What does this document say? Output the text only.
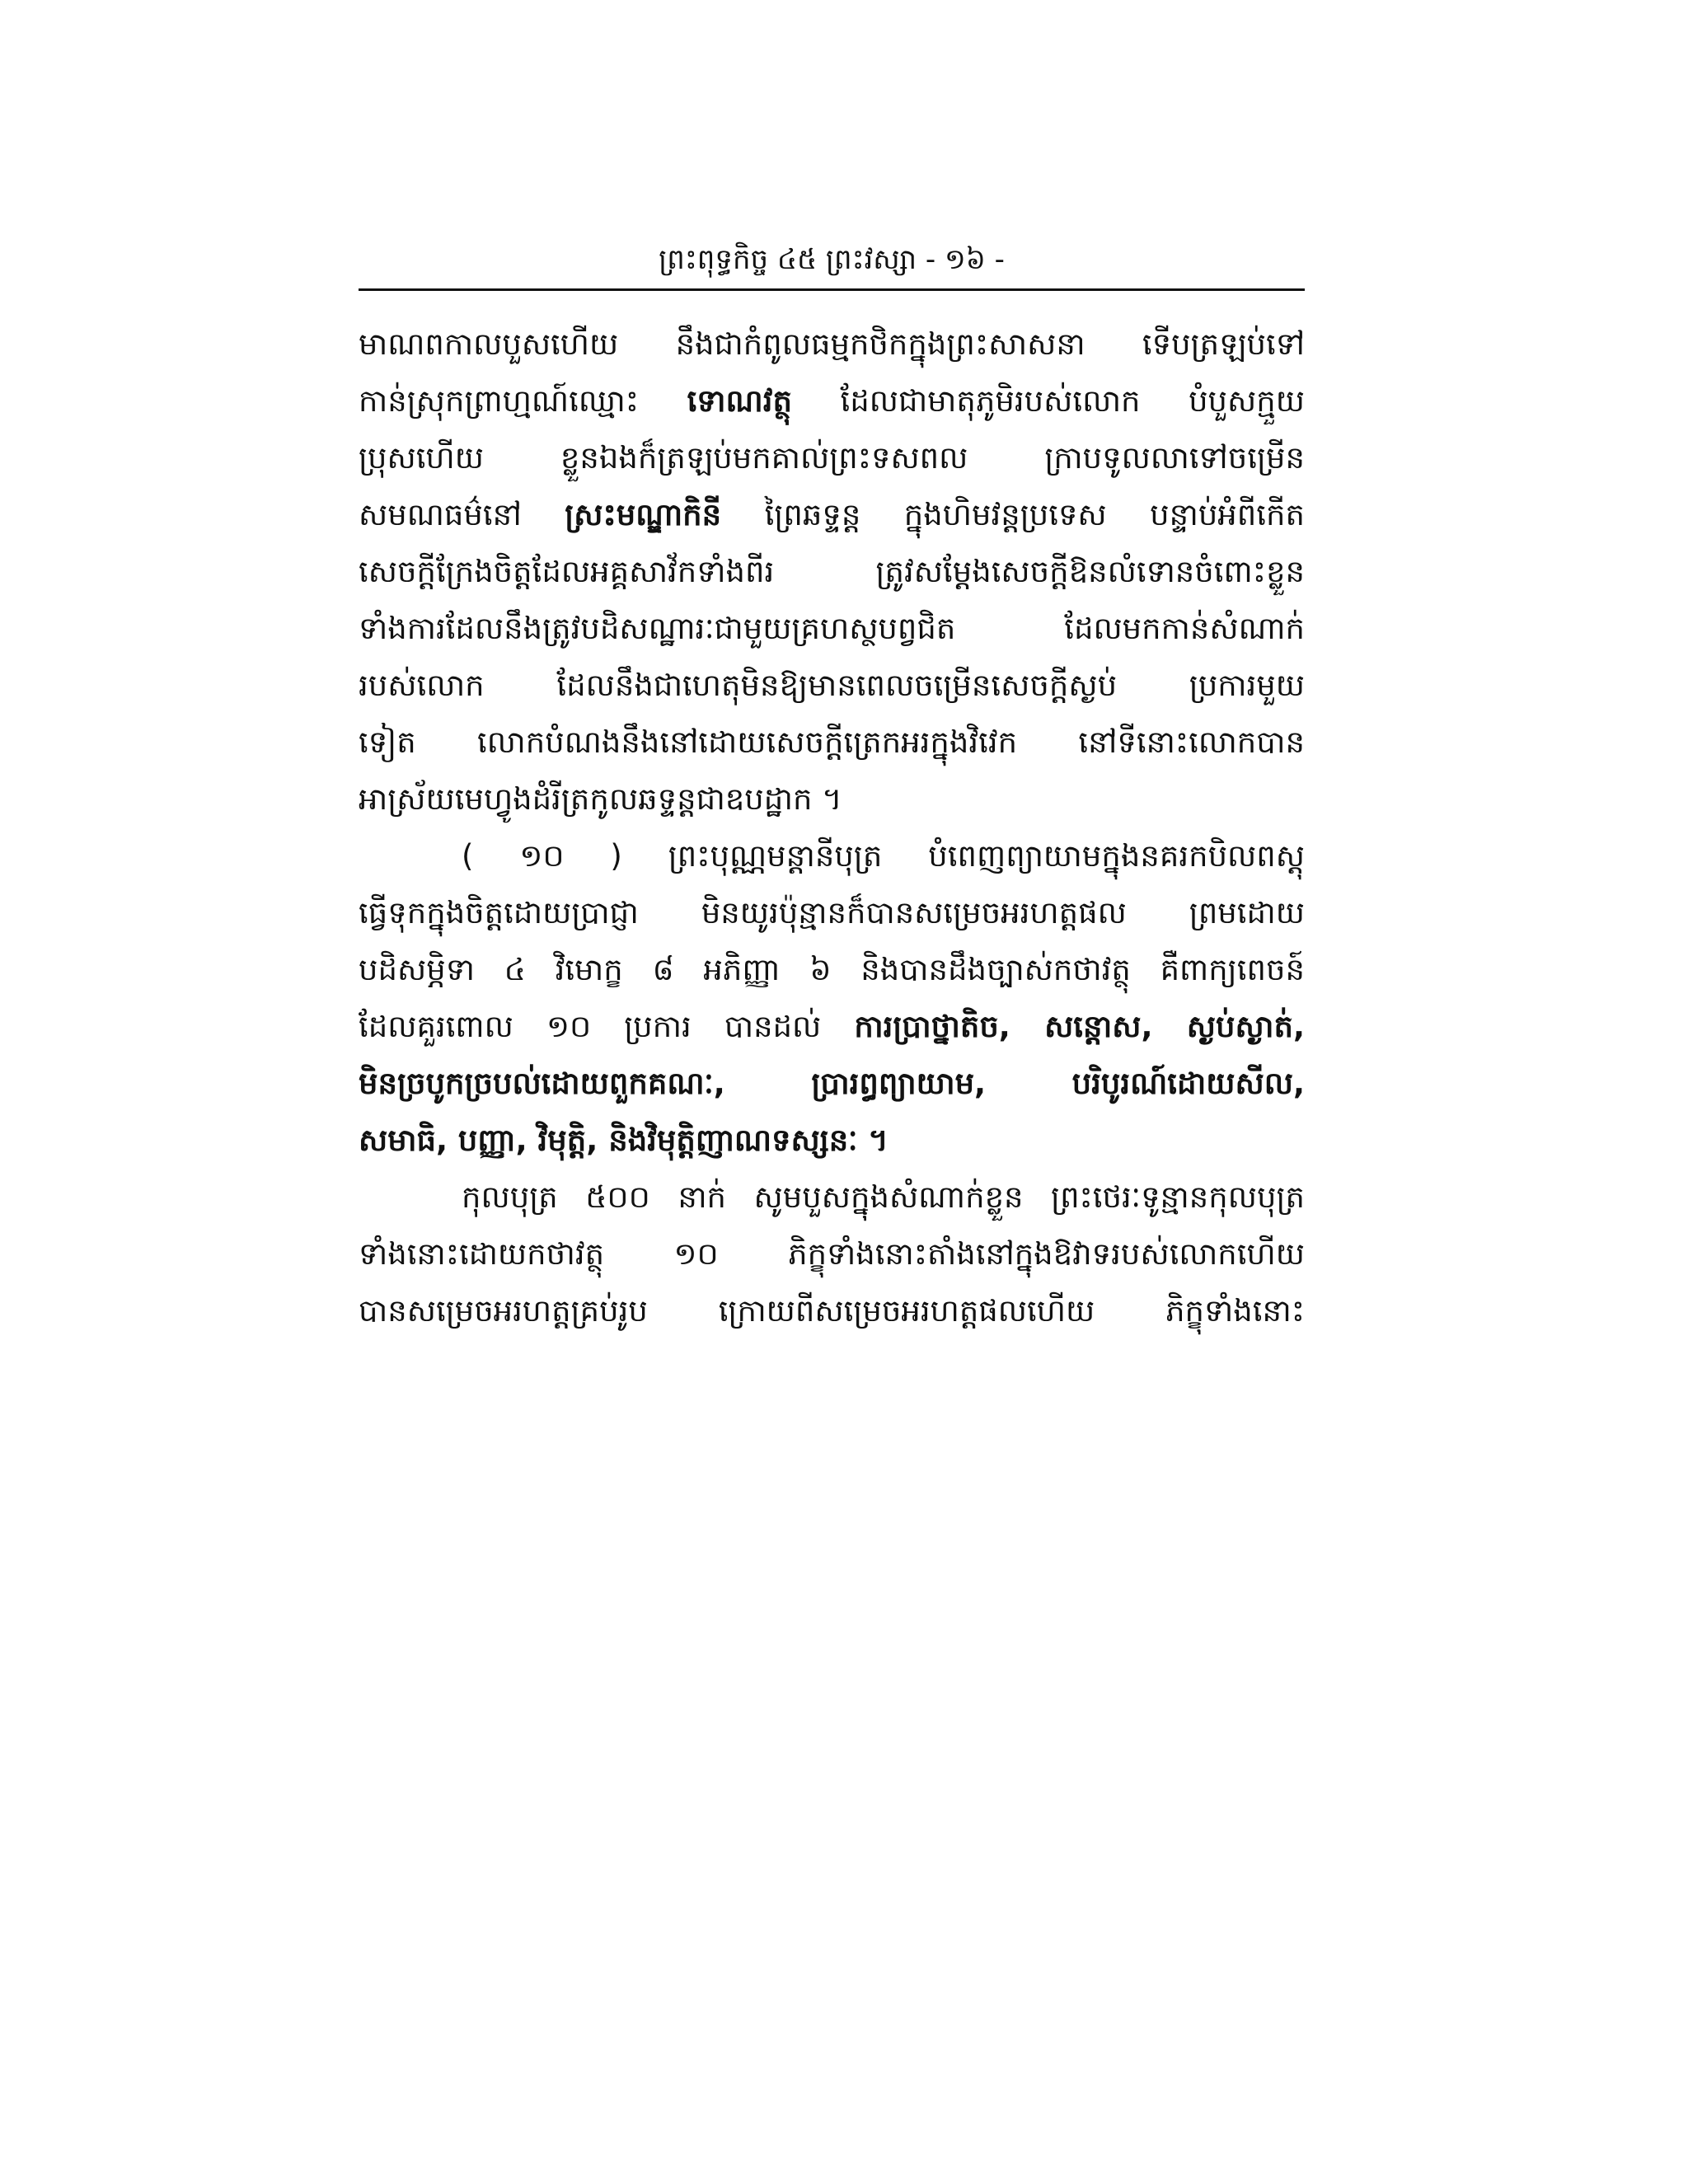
ព្រះពុទ្ធកិច្ច ៤៥ ព្រះវស្សា - ១៦ -
មាណពកាលបួសហើយ នឹងជាកំពូលធម្មកថិកក្នុងព្រះសាសនា ទើបត្រឡប់ទៅ
កាន់ស្រុកព្រាហ្មណ៍ឈ្មោះ ទោណវត្ថុ ដែលជាមាតុភូមិរបស់លោក បំបួសក្មួយ
ប្រុសហើយ ខ្លួនឯងក៏ត្រឡប់មកគាល់ព្រះទសពល ក្រាបទូលលាទៅចម្រើន
សមណធម៌នៅ ស្រះមណ្ឌាកិនី ព្រៃឆទ្ទន្ត ក្នុងហិមវន្តប្រទេស បន្ទាប់អំពីកើត
សេចក្តីក្រែងចិត្តដែលអគ្គសាវ័កទាំងពីរ ត្រូវសម្តែងសេចក្តីឱនលំទោនចំពោះខ្លួន
ទាំងការដែលនឹងត្រូវបដិសណ្ឋារៈជាមួយគ្រហស្ថបព្វជិត ដែលមកកាន់សំណាក់
របស់លោក ដែលនឹងជាហេតុមិនឱ្យមានពេលចម្រើនសេចក្តីស្ងប់ ប្រការមួយ
ទៀត លោកបំណងនឹងនៅដោយសេចក្តីត្រេកអរក្នុងវិវេក នៅទីនោះលោកបាន
អាស្រ័យមេហ្វូងដំរីត្រកូលឆទ្ទន្តជាឧបដ្ឋាក ។
( ១០ ) ព្រះបុណ្ណមន្តានីបុត្រ បំពេញព្យាយាមក្នុងនគរកបិលពស្តុ
ធ្វើទុកក្នុងចិត្តដោយប្រាជ្ញា មិនយូរប៉ុន្មានក៏បានសម្រេចអរហត្តផល ព្រមដោយ
បដិសម្ភិទា ៤ វិមោក្ខ ៨ អភិញ្ញា ៦ និងបានដឹងច្បាស់កថាវត្ថុ គឺពាក្យពេចន៍
ដែលគួរពោល ១០ ប្រការ បានដល់ ការប្រាថ្នាតិច, សន្តោស, ស្ងប់ស្ងាត់,
មិនច្របូកច្របល់ដោយពួកគណៈ, ប្រារព្ធព្យាយាម, បរិបូរណ៍ដោយសីល,
សមាធិ, បញ្ញា, វិមុត្តិ, និងវិមុត្តិញាណទស្សនៈ ។
កុលបុត្រ ៥០០ នាក់ សូមបួសក្នុងសំណាក់ខ្លួន ព្រះថេរៈទូន្មានកុលបុត្រ
ទាំងនោះដោយកថាវត្ថុ ១០ ភិក្ខុទាំងនោះតាំងនៅក្នុងឱវាទរបស់លោកហើយ
បានសម្រេចអរហត្តគ្រប់រូប ក្រោយពីសម្រេចអរហត្តផលហើយ ភិក្ខុទាំងនោះ
